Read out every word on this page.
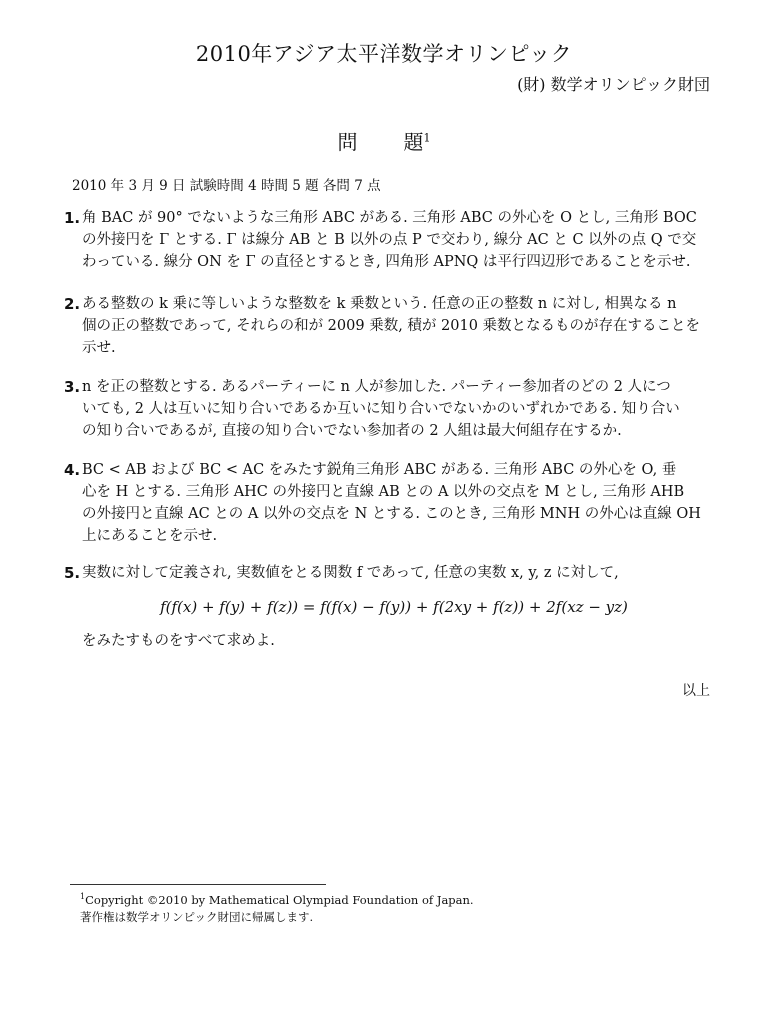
2010年アジア太平洋数学オリンピック
(財) 数学オリンピック財団
問 題$^1$
2010 年 3 月 9 日 試験時間 4 時間 5 題 各問 7 点
1. 角 BAC が 90° でないような三角形 ABC がある. 三角形 ABC の外心を O とし, 三角形 BOC
の外接円を Γ とする. Γ は線分 AB と B 以外の点 P で交わり, 線分 AC と C 以外の点 Q で交
わっている. 線分 ON を Γ の直径とするとき, 四角形 APNQ は平行四辺形であることを示せ.
2. ある整数の k 乗に等しいような整数を k 乗数という. 任意の正の整数 n に対し, 相異なる n
個の正の整数であって, それらの和が 2009 乗数, 積が 2010 乗数となるものが存在することを
示せ.
3. n を正の整数とする. あるパーティーに n 人が参加した. パーティー参加者のどの 2 人につ
いても, 2 人は互いに知り合いであるか互いに知り合いでないかのいずれかである. 知り合い
の知り合いであるが, 直接の知り合いでない参加者の 2 人組は最大何組存在するか.
4. BC < AB および BC < AC をみたす鋭角三角形 ABC がある. 三角形 ABC の外心を O, 垂
心を H とする. 三角形 AHC の外接円と直線 AB との A 以外の交点を M とし, 三角形 AHB
の外接円と直線 AC との A 以外の交点を N とする. このとき, 三角形 MNH の外心は直線 OH
上にあることを示せ.
5. 実数に対して定義され, 実数値をとる関数 f であって, 任意の実数 x, y, z に対して,
f(f(x) + f(y) + f(z)) = f(f(x) − f(y)) + f(2xy + f(z)) + 2f(xz − yz)
をみたすものをすべて求めよ.
以上
$^1$Copyright ©2010 by Mathematical Olympiad Foundation of Japan.
著作権は数学オリンピック財団に帰属します.
